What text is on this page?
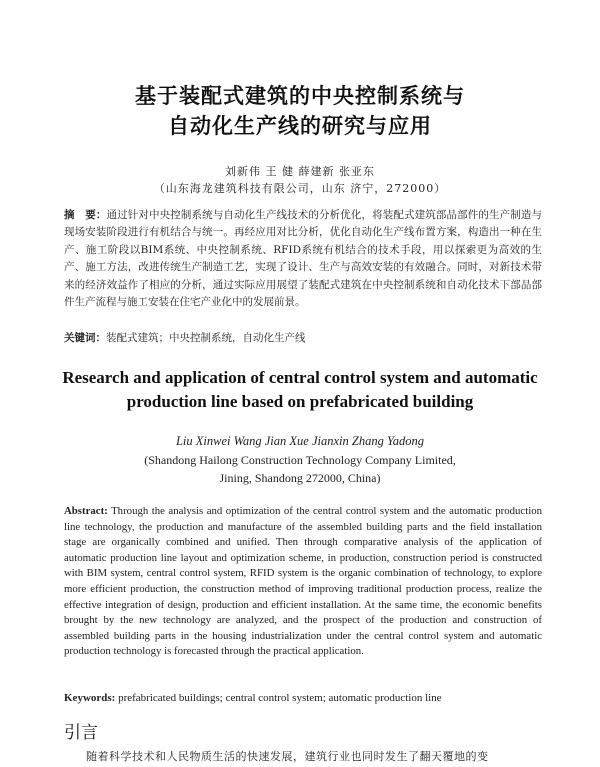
基于装配式建筑的中央控制系统与
自动化生产线的研究与应用
刘新伟 王 健 薛建新 张亚东
（山东海龙建筑科技有限公司，山东 济宁，272000）
摘　要：通过针对中央控制系统与自动化生产线技术的分析优化，将装配式建筑部品部件的生产制造与现场安装阶段进行有机结合与统一。再经应用对比分析，优化自动化生产线布置方案，构造出一种在生产、施工阶段以BIM系统、中央控制系统、RFID系统有机结合的技术手段，用以探索更为高效的生产、施工方法，改进传统生产制造工艺，实现了设计、生产与高效安装的有效融合。同时，对新技术带来的经济效益作了相应的分析，通过实际应用展望了装配式建筑在中央控制系统和自动化技术下部品部件生产流程与施工安装在住宅产业化中的发展前景。
关键词：装配式建筑；中央控制系统，自动化生产线
Research and application of central control system and automatic
production line based on prefabricated building
Liu Xinwei Wang Jian Xue Jianxin Zhang Yadong
(Shandong Hailong Construction Technology Company Limited,
Jining, Shandong 272000, China)
Abstract: Through the analysis and optimization of the central control system and the automatic production line technology, the production and manufacture of the assembled building parts and the field installation stage are organically combined and unified. Then through comparative analysis of the application of automatic production line layout and optimization scheme, in production, construction period is constructed with BIM system, central control system, RFID system is the organic combination of technology, to explore more efficient production, the construction method of improving traditional production process, realize the effective integration of design, production and efficient installation. At the same time, the economic benefits brought by the new technology are analyzed, and the prospect of the production and construction of assembled building parts in the housing industrialization under the central control system and automatic production technology is forecasted through the practical application.
Keywords: prefabricated buildings; central control system; automatic production line
引言
随着科学技术和人民物质生活的快速发展，建筑行业也同时发生了翻天覆地的变
